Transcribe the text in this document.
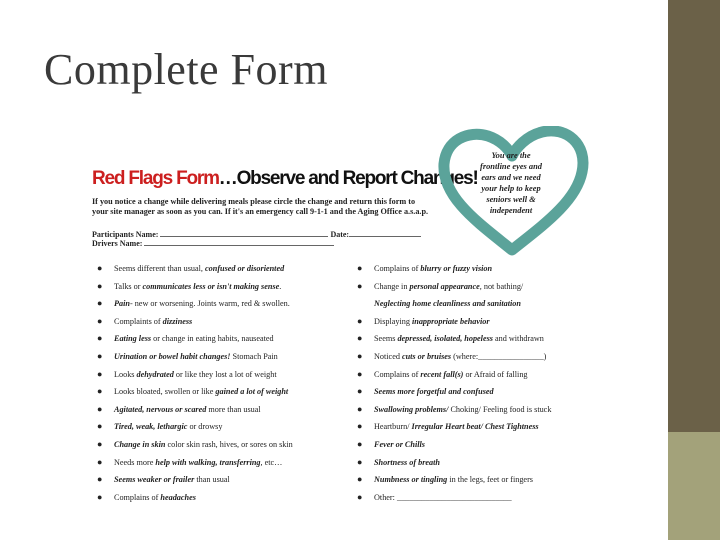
Complete Form
Red Flags Form…Observe and Report Changes!
If you notice a change while delivering meals please circle the change and return this form to your site manager as soon as you can. If it's an emergency call 9-1-1 and the Aging Office a.s.a.p.
Participants Name:	Date:
Drivers Name:
You are the
frontline eyes and
ears and we need
your help to keep
seniors well &
independent
● Seems different than usual, confused or disoriented
● Talks or communicates less or isn't making sense.
● Pain- new or worsening. Joints warm, red & swollen.
● Complaints of dizziness
● Eating less or change in eating habits, nauseated
● Urination or bowel habit changes! Stomach Pain
● Looks dehydrated or like they lost a lot of weight
● Looks bloated, swollen or like gained a lot of weight
● Agitated, nervous or scared more than usual
● Tired, weak, lethargic or drowsy
● Change in skin color skin rash, hives, or sores on skin
● Needs more help with walking, transferring, etc…
● Seems weaker or frailer than usual
● Complains of headaches
● Complains of blurry or fuzzy vision
● Change in personal appearance, not bathing/
Neglecting home cleanliness and sanitation
● Displaying inappropriate behavior
● Seems depressed, isolated, hopeless and withdrawn
● Noticed cuts or bruises (where:________________)
● Complains of recent fall(s) or Afraid of falling
● Seems more forgetful and confused
● Swallowing problems/ Choking/ Feeling food is stuck
● Heartburn/ Irregular Heart beat/ Chest Tightness
● Fever or Chills
● Shortness of breath
● Numbness or tingling in the legs, feet or fingers
● Other: ____________________________
